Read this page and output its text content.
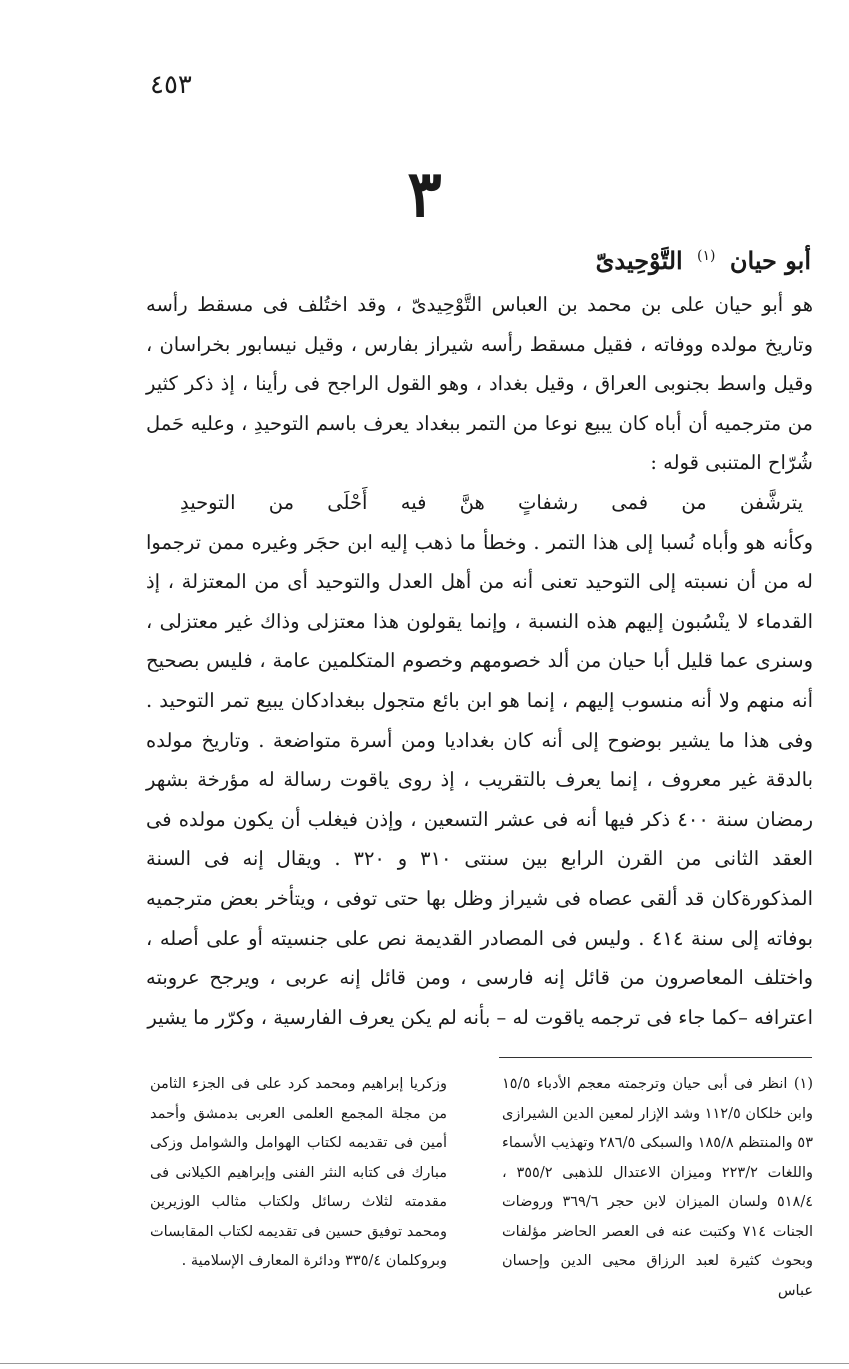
٤٥٣
٣
أبو حيان $^{(١)}$ التَّوْحِيدىّ

هو أبو حيان على بن محمد بن العباس التَّوْحِيدىّ ، وقد اختُلف فى مسقط رأسه وتاريخ مولده ووفاته ، فقيل مسقط رأسه شيراز بفارس ، وقيل نيسابور بخراسان ، وقيل واسط بجنوبى العراق ، وقيل بغداد ، وهو القول الراجح فى رأينا ، إذ ذكر كثير من مترجميه أن أباه كان يبيع نوعا من التمر ببغداد يعرف باسم التوحيدِ ، وعليه حَمل شُرّاح المتنبى قوله :

يترشَّفن
من
فمى
رشفاتٍ
هنَّ
فيه
أَحْلَى
من
التوحيدِ

وكأنه هو وأباه نُسبا إلى هذا التمر . وخطأ ما ذهب إليه ابن حجَر وغيره ممن ترجموا له من أن نسبته إلى التوحيد تعنى أنه من أهل العدل والتوحيد أى من المعتزلة ، إذ القدماء لا ينْسُبون إليهم هذه النسبة ، وإنما يقولون هذا معتزلى وذاك غير معتزلى ، وسنرى عما قليل أبا حيان من ألد خصومهم وخصوم المتكلمين عامة ، فليس بصحيح أنه منهم ولا أنه منسوب إليهم ، إنما هو ابن بائع متجول ببغدادكان يبيع تمر التوحيد . وفى هذا ما يشير بوضوح إلى أنه كان بغداديا ومن أسرة متواضعة . وتاريخ مولده بالدقة غير معروف ، إنما يعرف بالتقريب ، إذ روى ياقوت رسالة له مؤرخة بشهر رمضان سنة ٤٠٠ ذكر فيها أنه فى عشر التسعين ، وإذن فيغلب أن يكون مولده فى العقد الثانى من القرن الرابع بين سنتى ٣١٠ و ٣٢٠ . ويقال إنه فى السنة المذكورةكان قد ألقى عصاه فى شيراز وظل بها حتى توفى ، ويتأخر بعض مترجميه بوفاته إلى سنة ٤١٤ . وليس فى المصادر القديمة نص على جنسيته أو على أصله ، واختلف المعاصرون من قائل إنه فارسى ، ومن قائل إنه عربى ، ويرجح عروبته اعترافه –كما جاء فى ترجمه ياقوت له – بأنه لم يكن يعرف الفارسية ، وكرّر ما يشير

(١) انظر فى أبى حيان وترجمته معجم الأدباء ١٥/٥ وابن خلكان ١١٢/٥ وشد الإزار لمعين الدين الشيرازى ٥٣ والمنتظم ١٨٥/٨ والسبكى ٢٨٦/٥ وتهذيب الأسماء واللغات ٢٢٣/٢ وميزان الاعتدال للذهبى ٣٥٥/٢ ، ٥١٨/٤ ولسان الميزان لابن حجر ٣٦٩/٦ وروضات الجنات ٧١٤ وكتبت عنه فى العصر الحاضر مؤلفات وبحوث كثيرة لعبد الرزاق محيى الدين وإحسان عباس
وزكريا إبراهيم ومحمد كرد على فى الجزء الثامن من مجلة المجمع العلمى العربى بدمشق وأحمد أمين فى تقديمه لكتاب الهوامل والشوامل وزكى مبارك فى كتابه النثر الفنى وإبراهيم الكيلانى فى مقدمته لثلاث رسائل ولكتاب مثالب الوزيرين ومحمد توفيق حسين فى تقديمه لكتاب المقابسات وبروكلمان ٣٣٥/٤ ودائرة المعارف الإسلامية .
